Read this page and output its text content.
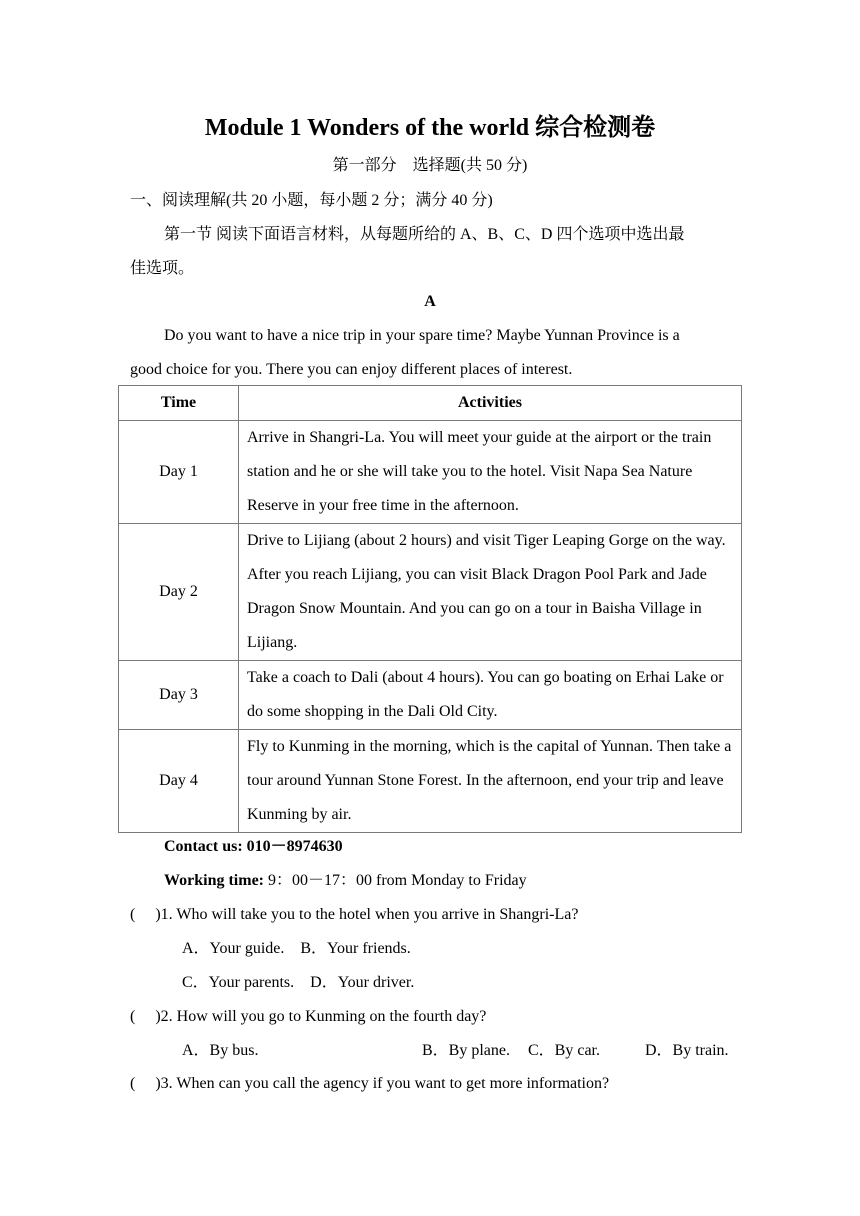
Module 1 Wonders of the world 综合检测卷
第一部分　选择题(共 50 分)
一、阅读理解(共 20 小题，每小题 2 分；满分 40 分)
第一节 阅读下面语言材料，从每题所给的 A、B、C、D 四个选项中选出最
佳选项。
A
Do you want to have a nice trip in your spare time? Maybe Yunnan Province is a
good choice for you. There you can enjoy different places of interest.
Time	Activities
Day 1	Arrive in Shangri-La. You will meet your guide at the airport or the train station and he or she will take you to the hotel. Visit Napa Sea Nature Reserve in your free time in the afternoon.
Day 2	Drive to Lijiang (about 2 hours) and visit Tiger Leaping Gorge on the way. After you reach Lijiang, you can visit Black Dragon Pool Park and Jade Dragon Snow Mountain. And you can go on a tour in Baisha Village in Lijiang.
Day 3	Take a coach to Dali (about 4 hours). You can go boating on Erhai Lake or do some shopping in the Dali Old City.
Day 4	Fly to Kunming in the morning, which is the capital of Yunnan. Then take a tour around Yunnan Stone Forest. In the afternoon, end your trip and leave Kunming by air.
Contact us: 010－8974630
Working time: 9：00－17：00 from Monday to Friday
(　 )1. Who will take you to the hotel when you arrive in Shangri-La?
A．Your guide.　B．Your friends.
C．Your parents.　D．Your driver.
(　 )2. How will you go to Kunming on the fourth day?
A．By bus.	B．By plane. C．By car.	D．By train.
(　 )3. When can you call the agency if you want to get more information?
